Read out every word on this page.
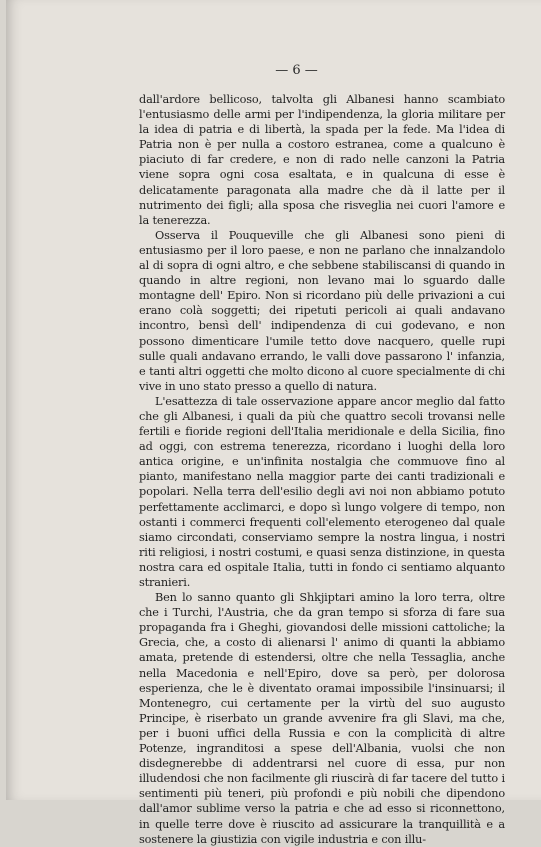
— 6 —

dall'ardore bellicoso, talvolta gli Albanesi hanno scambiato l'entusiasmo delle armi per l'indipendenza, la gloria militare per la idea di patria e di libertà, la spada per la fede. Ma l'idea di Patria non è per nulla a costoro estranea, come a qualcuno è piaciuto di far credere, e non di rado nelle canzoni la Patria viene sopra ogni cosa esaltata, e in qualcuna di esse è delicatamente paragonata alla madre che dà il latte per il nutrimento dei figli; alla sposa che risveglia nei cuori l'amore e la tenerezza.

Osserva il Pouqueville che gli Albanesi sono pieni di entusiasmo per il loro paese, e non ne parlano che innalzandolo al di sopra di ogni altro, e che sebbene stabiliscansi di quando in quando in altre regioni, non levano mai lo sguardo dalle montagne dell' Epiro. Non si ricordano più delle privazioni a cui erano colà soggetti; dei ripetuti pericoli ai quali andavano incontro, bensì dell' indipendenza di cui godevano, e non possono dimenticare l'umile tetto dove nacquero, quelle rupi sulle quali andavano errando, le valli dove passarono l' infanzia, e tanti altri oggetti che molto dicono al cuore specialmente di chi vive in uno stato presso a quello di natura.

L'esattezza di tale osservazione appare ancor meglio dal fatto che gli Albanesi, i quali da più che quattro secoli trovansi nelle fertili e fioride regioni dell'Italia meridionale e della Sicilia, fino ad oggi, con estrema tenerezza, ricordano i luoghi della loro antica origine, e un'infinita nostalgia che commuove fino al pianto, manifestano nella maggior parte dei canti tradizionali e popolari. Nella terra dell'esilio degli avi noi non abbiamo potuto perfettamente acclimarci, e dopo sì lungo volgere di tempo, non ostanti i commerci frequenti coll'elemento eterogeneo dal quale siamo circondati, conserviamo sempre la nostra lingua, i nostri riti religiosi, i nostri costumi, e quasi senza distinzione, in questa nostra cara ed ospitale Italia, tutti in fondo ci sentiamo alquanto stranieri.

Ben lo sanno quanto gli Shkjiptari amino la loro terra, oltre che i Turchi, l'Austria, che da gran tempo si sforza di fare sua propaganda fra i Gheghi, giovandosi delle missioni cattoliche; la Grecia, che, a costo di alienarsi l' animo di quanti la abbiamo amata, pretende di estendersi, oltre che nella Tessaglia, anche nella Macedonia e nell'Epiro, dove sa però, per dolorosa esperienza, che le è diventato oramai impossibile l'insinuarsi; il Montenegro, cui certamente per la virtù del suo augusto Principe, è riserbato un grande avvenire fra gli Slavi, ma che, per i buoni uffici della Russia e con la complicità di altre Potenze, ingranditosi a spese dell'Albania, vuolsi che non disdegnerebbe di addentrarsi nel cuore di essa, pur non illudendosi che non facilmente gli riuscirà di far tacere del tutto i sentimenti più teneri, più profondi e più nobili che dipendono dall'amor sublime verso la patria e che ad esso si riconnettono, in quelle terre dove è riuscito ad assicurare la tranquillità e a sostenere la giustizia con vigile industria e con illu-
